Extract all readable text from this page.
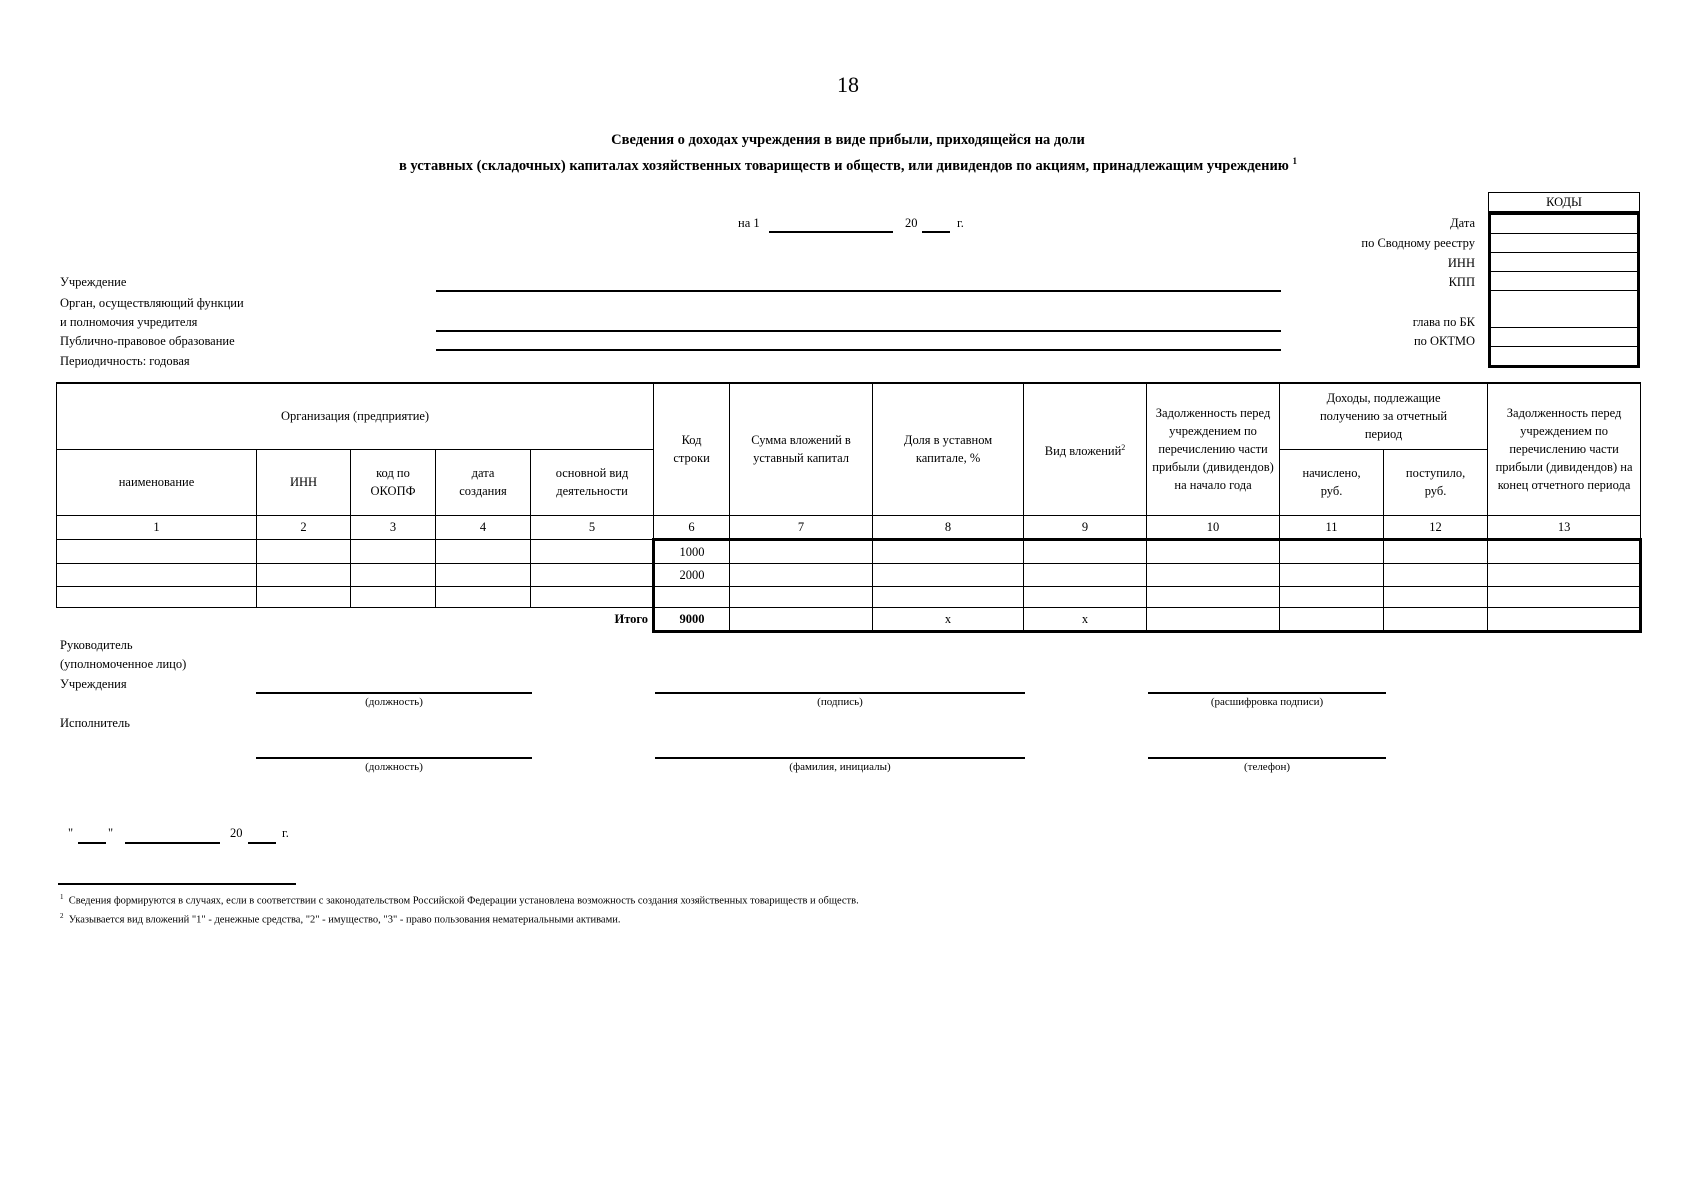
18
Сведения о доходах учреждения в виде прибыли, приходящейся на доли
в уставных (складочных) капиталах хозяйственных товариществ и обществ, или дивидендов по акциям, принадлежащим учреждению $^1$
на 1	20	г.
КОДЫ

Дата
по Сводному реестру
ИНН
КПП
глава по БК
по ОКТМО
Учреждение
Орган, осуществляющий функции
и полномочия учредителя
Публично-правовое образование
Периодичность: годовая
Организация (предприятие)					Код строки	Сумма вложений в уставный капитал	Доля в уставном капитале, %	Вид вложений$^2$	Задолженность перед учреждением по перечислению части прибыли (дивидендов) на начало года	Доходы, подлежащие получению за отчетный период		Задолженность перед учреждением по перечислению части прибыли (дивидендов) на конец отчетного периода
наименование	ИНН	код по ОКОПФ	дата создания	основной вид деятельности						начислено, руб.	поступило, руб.	
1	2	3	4	5	6	7	8	9	10	11	12	13
					1000							
					2000							

Итого					9000		x	x				
Руководитель
(уполномоченное лицо)
Учреждения
(должность)	(подпись)	(расшифровка подписи)
Исполнитель
(должность)	(фамилия, инициалы)	(телефон)
"	"	20	г.
$^1$ Сведения формируются в случаях, если в соответствии с законодательством Российской Федерации установлена возможность создания хозяйственных товариществ и обществ.
$^2$ Указывается вид вложений "1" - денежные средства, "2" - имущество, "3" - право пользования нематериальными активами.
